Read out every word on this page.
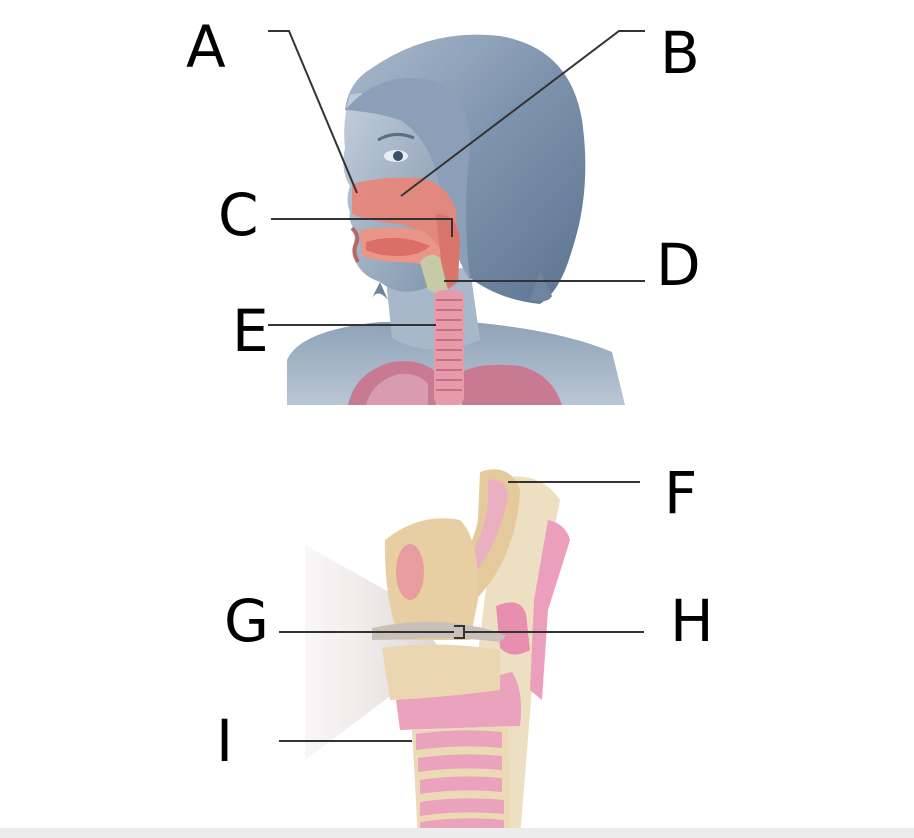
A	B
C
D
E
F
G	H
I
